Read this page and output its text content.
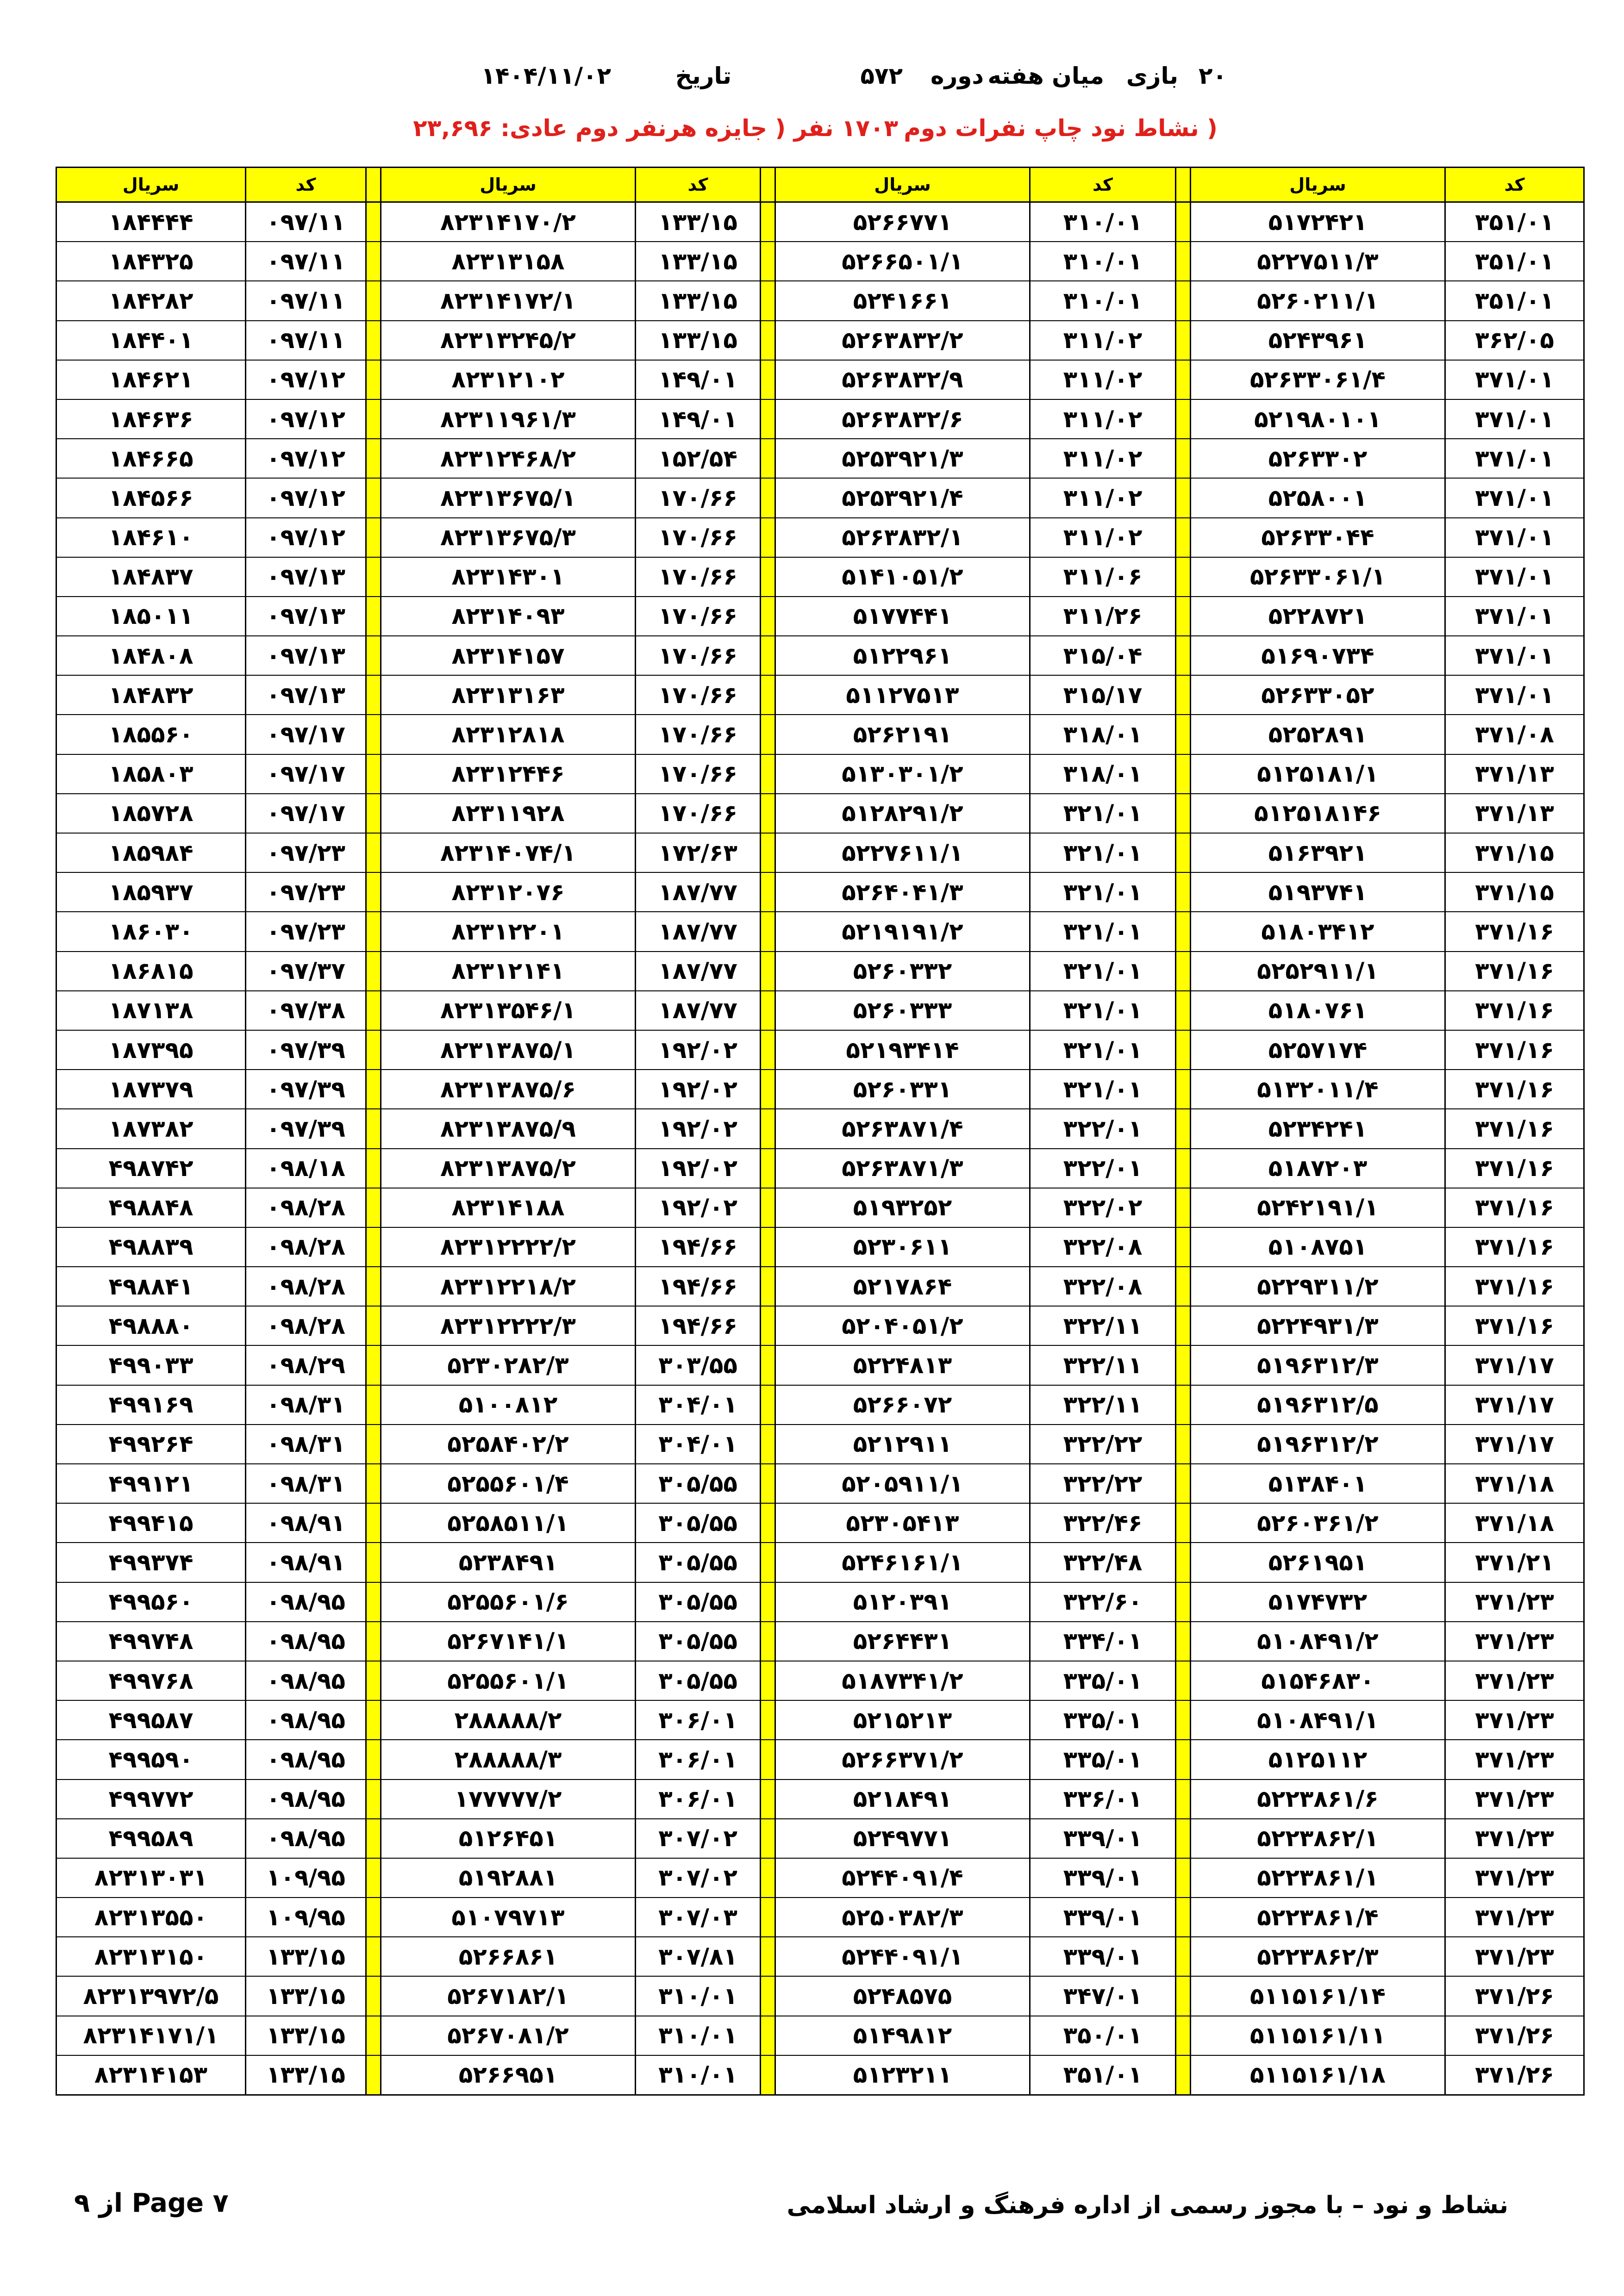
۲۰
بازی
میان هفته
دوره
۵۷۲
تاریخ
۱۴۰۴/۱۱/۰۲
( نشاط نود چاپ نفرات دوم
۱۷۰۳ نفر ( جایزه هرنفر دوم عادی: ۲۳,۶۹۶
کد	سریال		کد	سریال		کد	سریال		کد	سریال
۳۵۱/۰۱	۵۱۷۲۴۲۱		۳۱۰/۰۱	۵۲۶۶۷۷۱		۱۳۳/۱۵	۸۲۳۱۴۱۷۰/۲		۰۹۷/۱۱	۱۸۴۴۴۴
۳۵۱/۰۱	۵۲۲۷۵۱۱/۳		۳۱۰/۰۱	۵۲۶۶۵۰۱/۱		۱۳۳/۱۵	۸۲۳۱۳۱۵۸		۰۹۷/۱۱	۱۸۴۳۲۵
۳۵۱/۰۱	۵۲۶۰۲۱۱/۱		۳۱۰/۰۱	۵۲۴۱۶۶۱		۱۳۳/۱۵	۸۲۳۱۴۱۷۲/۱		۰۹۷/۱۱	۱۸۴۲۸۲
۳۶۲/۰۵	۵۲۴۳۹۶۱		۳۱۱/۰۲	۵۲۶۳۸۳۲/۲		۱۳۳/۱۵	۸۲۳۱۳۲۴۵/۲		۰۹۷/۱۱	۱۸۴۴۰۱
۳۷۱/۰۱	۵۲۶۳۳۰۶۱/۴		۳۱۱/۰۲	۵۲۶۳۸۳۲/۹		۱۴۹/۰۱	۸۲۳۱۲۱۰۲		۰۹۷/۱۲	۱۸۴۶۲۱
۳۷۱/۰۱	۵۲۱۹۸۰۱۰۱		۳۱۱/۰۲	۵۲۶۳۸۳۲/۶		۱۴۹/۰۱	۸۲۳۱۱۹۶۱/۳		۰۹۷/۱۲	۱۸۴۶۳۶
۳۷۱/۰۱	۵۲۶۳۳۰۲		۳۱۱/۰۲	۵۲۵۳۹۲۱/۳		۱۵۲/۵۴	۸۲۳۱۲۴۶۸/۲		۰۹۷/۱۲	۱۸۴۶۶۵
۳۷۱/۰۱	۵۲۵۸۰۰۱		۳۱۱/۰۲	۵۲۵۳۹۲۱/۴		۱۷۰/۶۶	۸۲۳۱۳۶۷۵/۱		۰۹۷/۱۲	۱۸۴۵۶۶
۳۷۱/۰۱	۵۲۶۳۳۰۴۴		۳۱۱/۰۲	۵۲۶۳۸۳۲/۱		۱۷۰/۶۶	۸۲۳۱۳۶۷۵/۳		۰۹۷/۱۲	۱۸۴۶۱۰
۳۷۱/۰۱	۵۲۶۳۳۰۶۱/۱		۳۱۱/۰۶	۵۱۴۱۰۵۱/۲		۱۷۰/۶۶	۸۲۳۱۴۳۰۱		۰۹۷/۱۳	۱۸۴۸۳۷
۳۷۱/۰۱	۵۲۲۸۷۲۱		۳۱۱/۲۶	۵۱۷۷۴۴۱		۱۷۰/۶۶	۸۲۳۱۴۰۹۳		۰۹۷/۱۳	۱۸۵۰۱۱
۳۷۱/۰۱	۵۱۶۹۰۷۳۴		۳۱۵/۰۴	۵۱۲۲۹۶۱		۱۷۰/۶۶	۸۲۳۱۴۱۵۷		۰۹۷/۱۳	۱۸۴۸۰۸
۳۷۱/۰۱	۵۲۶۳۳۰۵۲		۳۱۵/۱۷	۵۱۱۲۷۵۱۳		۱۷۰/۶۶	۸۲۳۱۳۱۶۳		۰۹۷/۱۳	۱۸۴۸۳۲
۳۷۱/۰۸	۵۲۵۲۸۹۱		۳۱۸/۰۱	۵۲۶۲۱۹۱		۱۷۰/۶۶	۸۲۳۱۲۸۱۸		۰۹۷/۱۷	۱۸۵۵۶۰
۳۷۱/۱۳	۵۱۲۵۱۸۱/۱		۳۱۸/۰۱	۵۱۳۰۳۰۱/۲		۱۷۰/۶۶	۸۲۳۱۲۴۴۶		۰۹۷/۱۷	۱۸۵۸۰۳
۳۷۱/۱۳	۵۱۲۵۱۸۱۴۶		۳۲۱/۰۱	۵۱۲۸۲۹۱/۲		۱۷۰/۶۶	۸۲۳۱۱۹۲۸		۰۹۷/۱۷	۱۸۵۷۲۸
۳۷۱/۱۵	۵۱۶۳۹۲۱		۳۲۱/۰۱	۵۲۲۷۶۱۱/۱		۱۷۲/۶۳	۸۲۳۱۴۰۷۴/۱		۰۹۷/۲۳	۱۸۵۹۸۴
۳۷۱/۱۵	۵۱۹۳۷۴۱		۳۲۱/۰۱	۵۲۶۴۰۴۱/۳		۱۸۷/۷۷	۸۲۳۱۲۰۷۶		۰۹۷/۲۳	۱۸۵۹۳۷
۳۷۱/۱۶	۵۱۸۰۳۴۱۲		۳۲۱/۰۱	۵۲۱۹۱۹۱/۲		۱۸۷/۷۷	۸۲۳۱۲۲۰۱		۰۹۷/۲۳	۱۸۶۰۳۰
۳۷۱/۱۶	۵۲۵۲۹۱۱/۱		۳۲۱/۰۱	۵۲۶۰۳۳۲		۱۸۷/۷۷	۸۲۳۱۲۱۴۱		۰۹۷/۳۷	۱۸۶۸۱۵
۳۷۱/۱۶	۵۱۸۰۷۶۱		۳۲۱/۰۱	۵۲۶۰۳۳۳		۱۸۷/۷۷	۸۲۳۱۳۵۴۶/۱		۰۹۷/۳۸	۱۸۷۱۳۸
۳۷۱/۱۶	۵۲۵۷۱۷۴		۳۲۱/۰۱	۵۲۱۹۳۴۱۴		۱۹۲/۰۲	۸۲۳۱۳۸۷۵/۱		۰۹۷/۳۹	۱۸۷۳۹۵
۳۷۱/۱۶	۵۱۳۲۰۱۱/۴		۳۲۱/۰۱	۵۲۶۰۳۳۱		۱۹۲/۰۲	۸۲۳۱۳۸۷۵/۶		۰۹۷/۳۹	۱۸۷۳۷۹
۳۷۱/۱۶	۵۲۳۴۲۴۱		۳۲۲/۰۱	۵۲۶۳۸۷۱/۴		۱۹۲/۰۲	۸۲۳۱۳۸۷۵/۹		۰۹۷/۳۹	۱۸۷۳۸۲
۳۷۱/۱۶	۵۱۸۷۲۰۳		۳۲۲/۰۱	۵۲۶۳۸۷۱/۳		۱۹۲/۰۲	۸۲۳۱۳۸۷۵/۲		۰۹۸/۱۸	۴۹۸۷۴۲
۳۷۱/۱۶	۵۲۴۲۱۹۱/۱		۳۲۲/۰۲	۵۱۹۳۲۵۲		۱۹۲/۰۲	۸۲۳۱۴۱۸۸		۰۹۸/۲۸	۴۹۸۸۴۸
۳۷۱/۱۶	۵۱۰۸۷۵۱		۳۲۲/۰۸	۵۲۳۰۶۱۱		۱۹۴/۶۶	۸۲۳۱۲۲۲۲/۲		۰۹۸/۲۸	۴۹۸۸۳۹
۳۷۱/۱۶	۵۲۲۹۳۱۱/۲		۳۲۲/۰۸	۵۲۱۷۸۶۴		۱۹۴/۶۶	۸۲۳۱۲۲۱۸/۲		۰۹۸/۲۸	۴۹۸۸۴۱
۳۷۱/۱۶	۵۲۲۴۹۳۱/۳		۳۲۲/۱۱	۵۲۰۴۰۵۱/۲		۱۹۴/۶۶	۸۲۳۱۲۲۲۲/۳		۰۹۸/۲۸	۴۹۸۸۸۰
۳۷۱/۱۷	۵۱۹۶۳۱۲/۳		۳۲۲/۱۱	۵۲۲۴۸۱۳		۳۰۳/۵۵	۵۲۳۰۲۸۲/۳		۰۹۸/۲۹	۴۹۹۰۳۳
۳۷۱/۱۷	۵۱۹۶۳۱۲/۵		۳۲۲/۱۱	۵۲۶۶۰۷۲		۳۰۴/۰۱	۵۱۰۰۸۱۲		۰۹۸/۳۱	۴۹۹۱۶۹
۳۷۱/۱۷	۵۱۹۶۳۱۲/۲		۳۲۲/۲۲	۵۲۱۲۹۱۱		۳۰۴/۰۱	۵۲۵۸۴۰۲/۲		۰۹۸/۳۱	۴۹۹۲۶۴
۳۷۱/۱۸	۵۱۳۸۴۰۱		۳۲۲/۲۲	۵۲۰۵۹۱۱/۱		۳۰۵/۵۵	۵۲۵۵۶۰۱/۴		۰۹۸/۳۱	۴۹۹۱۲۱
۳۷۱/۱۸	۵۲۶۰۳۶۱/۲		۳۲۲/۴۶	۵۲۳۰۵۴۱۳		۳۰۵/۵۵	۵۲۵۸۵۱۱/۱		۰۹۸/۹۱	۴۹۹۴۱۵
۳۷۱/۲۱	۵۲۶۱۹۵۱		۳۲۲/۴۸	۵۲۴۶۱۶۱/۱		۳۰۵/۵۵	۵۲۳۸۴۹۱		۰۹۸/۹۱	۴۹۹۳۷۴
۳۷۱/۲۳	۵۱۷۴۷۳۲		۳۲۲/۶۰	۵۱۲۰۳۹۱		۳۰۵/۵۵	۵۲۵۵۶۰۱/۶		۰۹۸/۹۵	۴۹۹۵۶۰
۳۷۱/۲۳	۵۱۰۸۴۹۱/۲		۳۳۴/۰۱	۵۲۶۴۴۳۱		۳۰۵/۵۵	۵۲۶۷۱۴۱/۱		۰۹۸/۹۵	۴۹۹۷۴۸
۳۷۱/۲۳	۵۱۵۴۶۸۳۰		۳۳۵/۰۱	۵۱۸۷۳۴۱/۲		۳۰۵/۵۵	۵۲۵۵۶۰۱/۱		۰۹۸/۹۵	۴۹۹۷۶۸
۳۷۱/۲۳	۵۱۰۸۴۹۱/۱		۳۳۵/۰۱	۵۲۱۵۲۱۳		۳۰۶/۰۱	۲۸۸۸۸۸/۲		۰۹۸/۹۵	۴۹۹۵۸۷
۳۷۱/۲۳	۵۱۲۵۱۱۲		۳۳۵/۰۱	۵۲۶۶۳۷۱/۲		۳۰۶/۰۱	۲۸۸۸۸۸/۳		۰۹۸/۹۵	۴۹۹۵۹۰
۳۷۱/۲۳	۵۲۲۳۸۶۱/۶		۳۳۶/۰۱	۵۲۱۸۴۹۱		۳۰۶/۰۱	۱۷۷۷۷۷/۲		۰۹۸/۹۵	۴۹۹۷۷۲
۳۷۱/۲۳	۵۲۲۳۸۶۲/۱		۳۳۹/۰۱	۵۲۴۹۷۷۱		۳۰۷/۰۲	۵۱۲۶۴۵۱		۰۹۸/۹۵	۴۹۹۵۸۹
۳۷۱/۲۳	۵۲۲۳۸۶۱/۱		۳۳۹/۰۱	۵۲۴۴۰۹۱/۴		۳۰۷/۰۲	۵۱۹۲۸۸۱		۱۰۹/۹۵	۸۲۳۱۳۰۳۱
۳۷۱/۲۳	۵۲۲۳۸۶۱/۴		۳۳۹/۰۱	۵۲۵۰۳۸۲/۳		۳۰۷/۰۳	۵۱۰۷۹۷۱۳		۱۰۹/۹۵	۸۲۳۱۳۵۵۰
۳۷۱/۲۳	۵۲۲۳۸۶۲/۳		۳۳۹/۰۱	۵۲۴۴۰۹۱/۱		۳۰۷/۸۱	۵۲۶۶۸۶۱		۱۳۳/۱۵	۸۲۳۱۳۱۵۰
۳۷۱/۲۶	۵۱۱۵۱۶۱/۱۴		۳۴۷/۰۱	۵۲۴۸۵۷۵		۳۱۰/۰۱	۵۲۶۷۱۸۲/۱		۱۳۳/۱۵	۸۲۳۱۳۹۷۲/۵
۳۷۱/۲۶	۵۱۱۵۱۶۱/۱۱		۳۵۰/۰۱	۵۱۴۹۸۱۲		۳۱۰/۰۱	۵۲۶۷۰۸۱/۲		۱۳۳/۱۵	۸۲۳۱۴۱۷۱/۱
۳۷۱/۲۶	۵۱۱۵۱۶۱/۱۸		۳۵۱/۰۱	۵۱۲۳۲۱۱		۳۱۰/۰۱	۵۲۶۶۹۵۱		۱۳۳/۱۵	۸۲۳۱۴۱۵۳
نشاط و نود – با مجوز رسمی از اداره فرهنگ و ارشاد اسلامی
Page ۷ از ۹
